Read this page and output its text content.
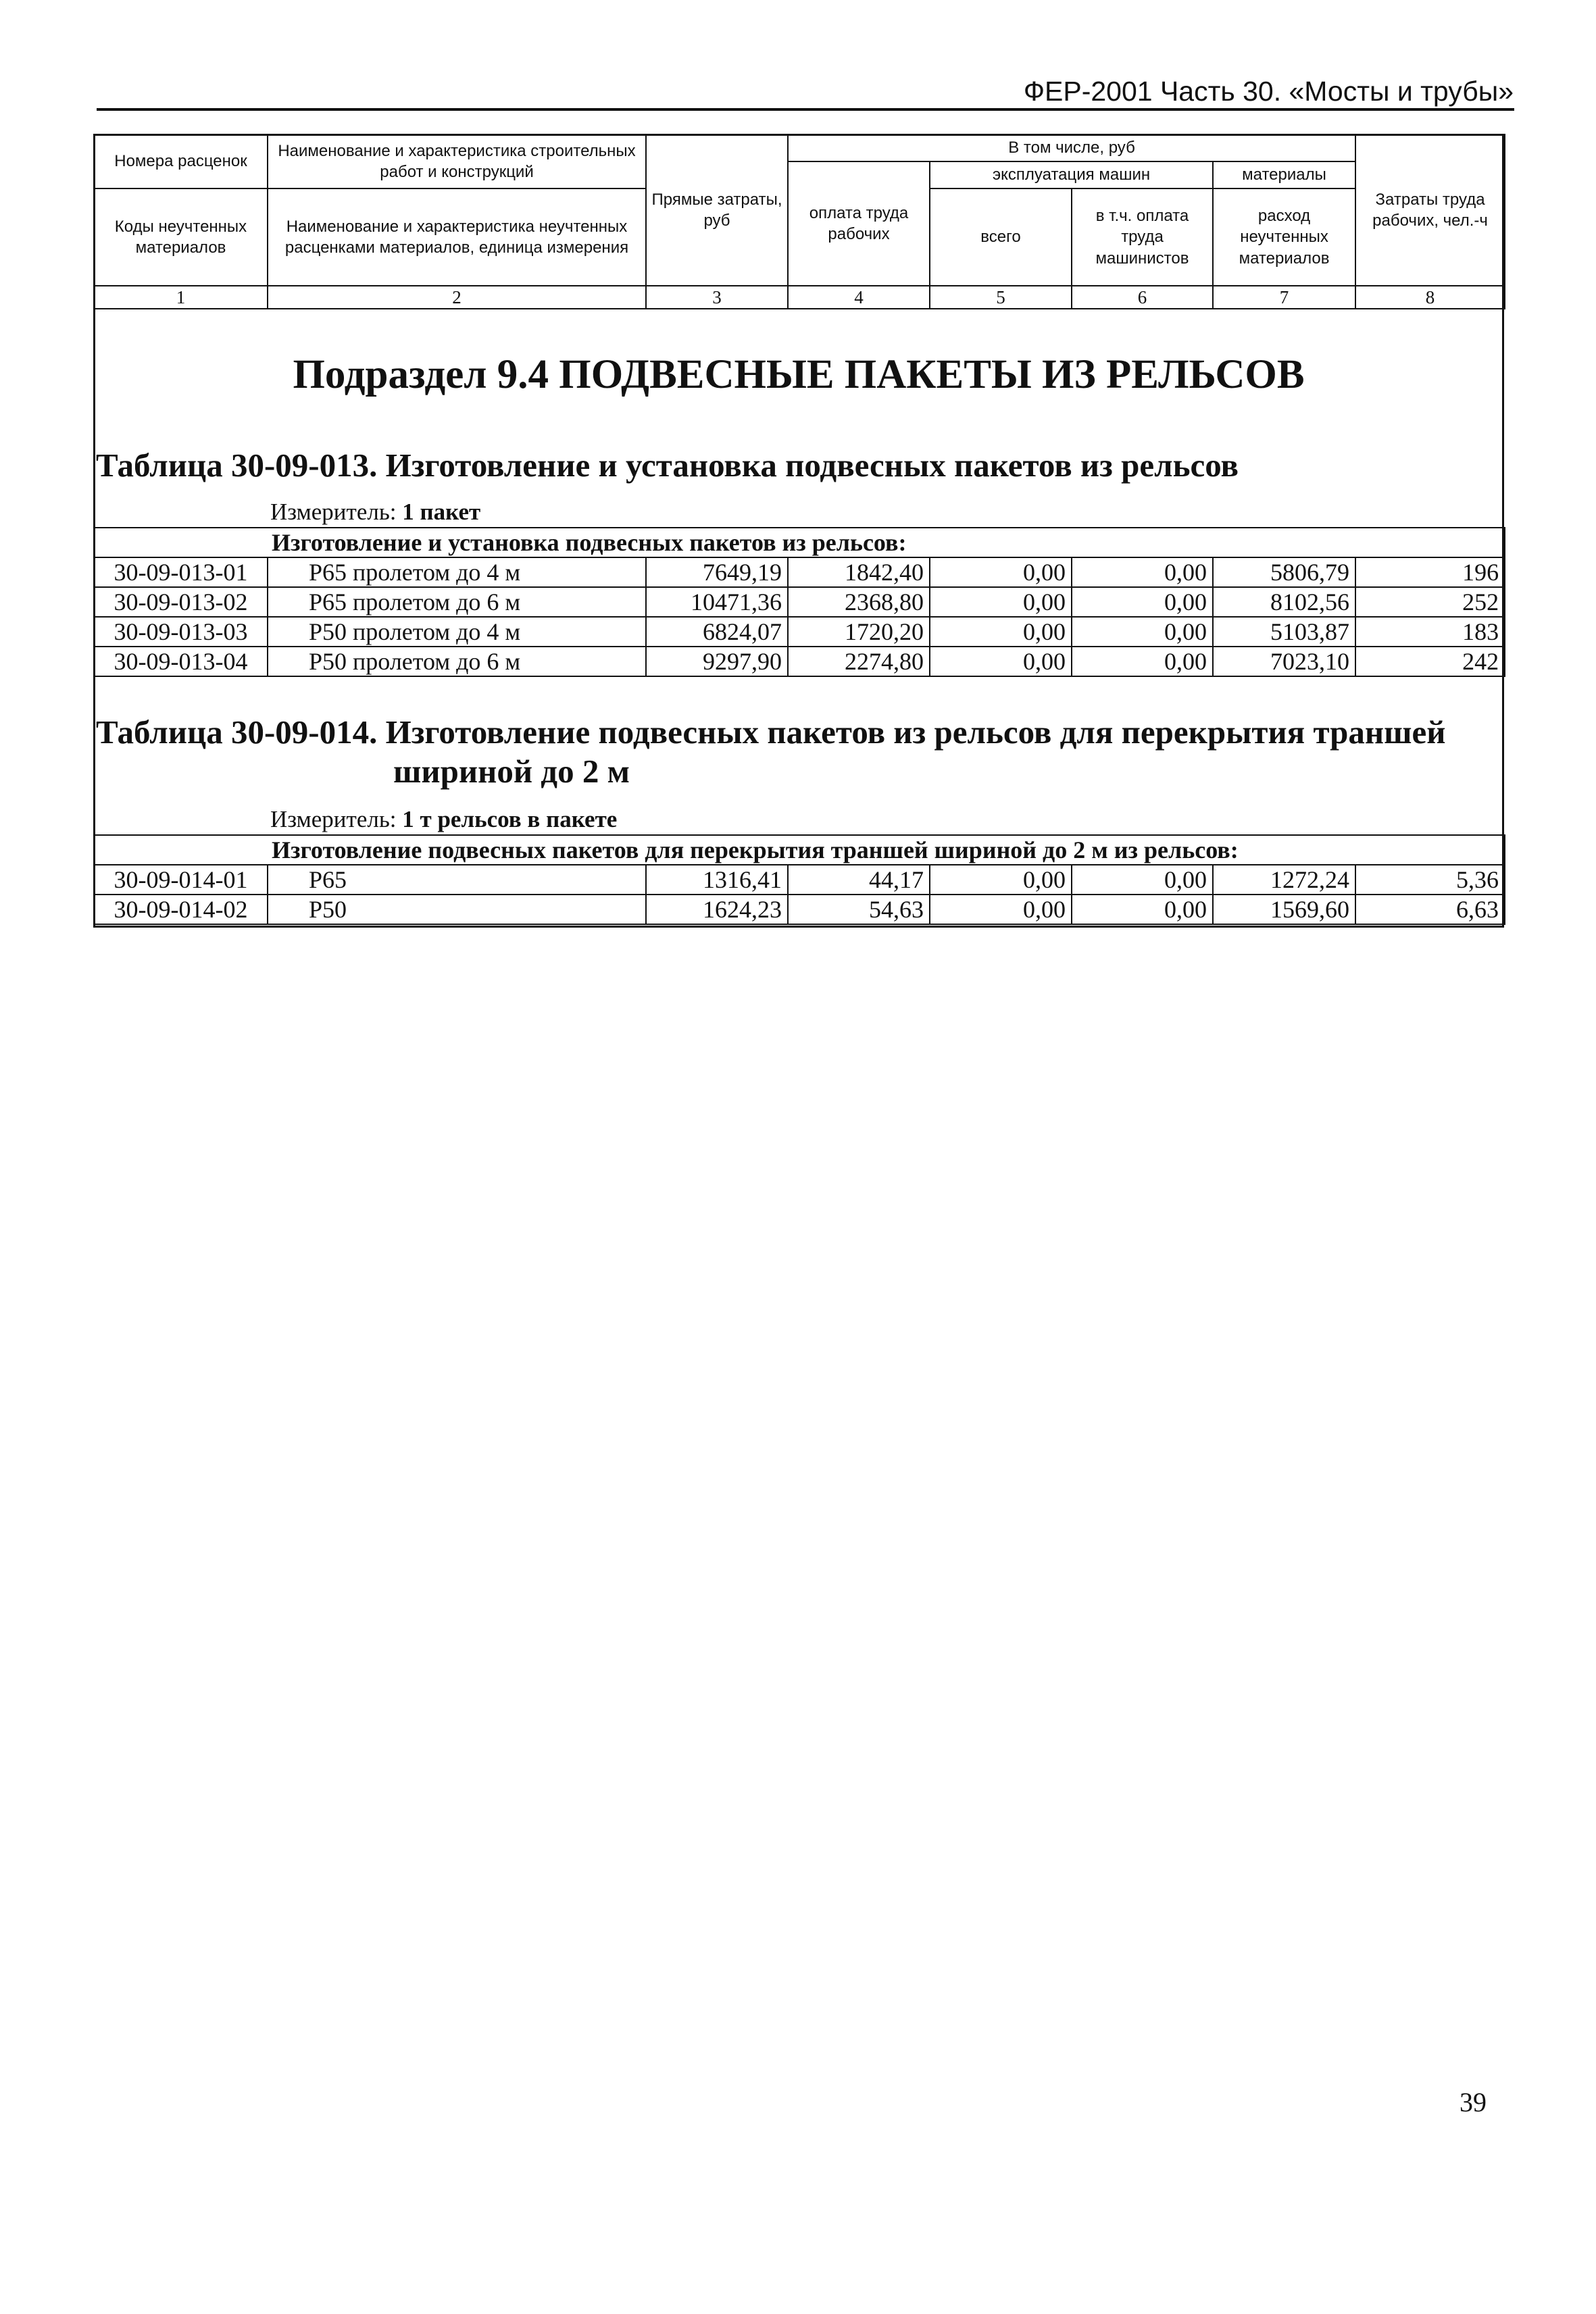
ФЕР-2001 Часть 30. «Мосты и трубы»
Номера расценок	Наименование и характеристика строительных работ и конструкций	Прямые затраты, руб	В том числе, руб				Затраты труда рабочих, чел.-ч
			оплата труда рабочих	эксплуатация машин		материалы	
Коды неучтенных материалов	Наименование и характеристика неучтенных расценками материалов, единица измерения			всего	в т.ч. оплата труда машинистов	расход неучтенных материалов	

1	2	3	4	5	6	7	8
Подраздел 9.4 ПОДВЕСНЫЕ ПАКЕТЫ ИЗ РЕЛЬСОВ
Таблица 30-09-013. Изготовление и установка подвесных пакетов из рельсов
Измеритель: 1 пакет
Изготовление и установка подвесных пакетов из рельсов:							
30-09-013-01	Р65 пролетом до 4 м	7649,19	1842,40	0,00	0,00	5806,79	196
30-09-013-02	Р65 пролетом до 6 м	10471,36	2368,80	0,00	0,00	8102,56	252
30-09-013-03	Р50 пролетом до 4 м	6824,07	1720,20	0,00	0,00	5103,87	183
30-09-013-04	Р50 пролетом до 6 м	9297,90	2274,80	0,00	0,00	7023,10	242
Таблица 30-09-014. Изготовление подвесных пакетов из рельсов для перекрытия траншей
шириной до 2 м
Измеритель: 1 т рельсов в пакете
Изготовление подвесных пакетов для перекрытия траншей шириной до 2 м из рельсов:							
30-09-014-01	Р65	1316,41	44,17	0,00	0,00	1272,24	5,36
30-09-014-02	Р50	1624,23	54,63	0,00	0,00	1569,60	6,63
39
